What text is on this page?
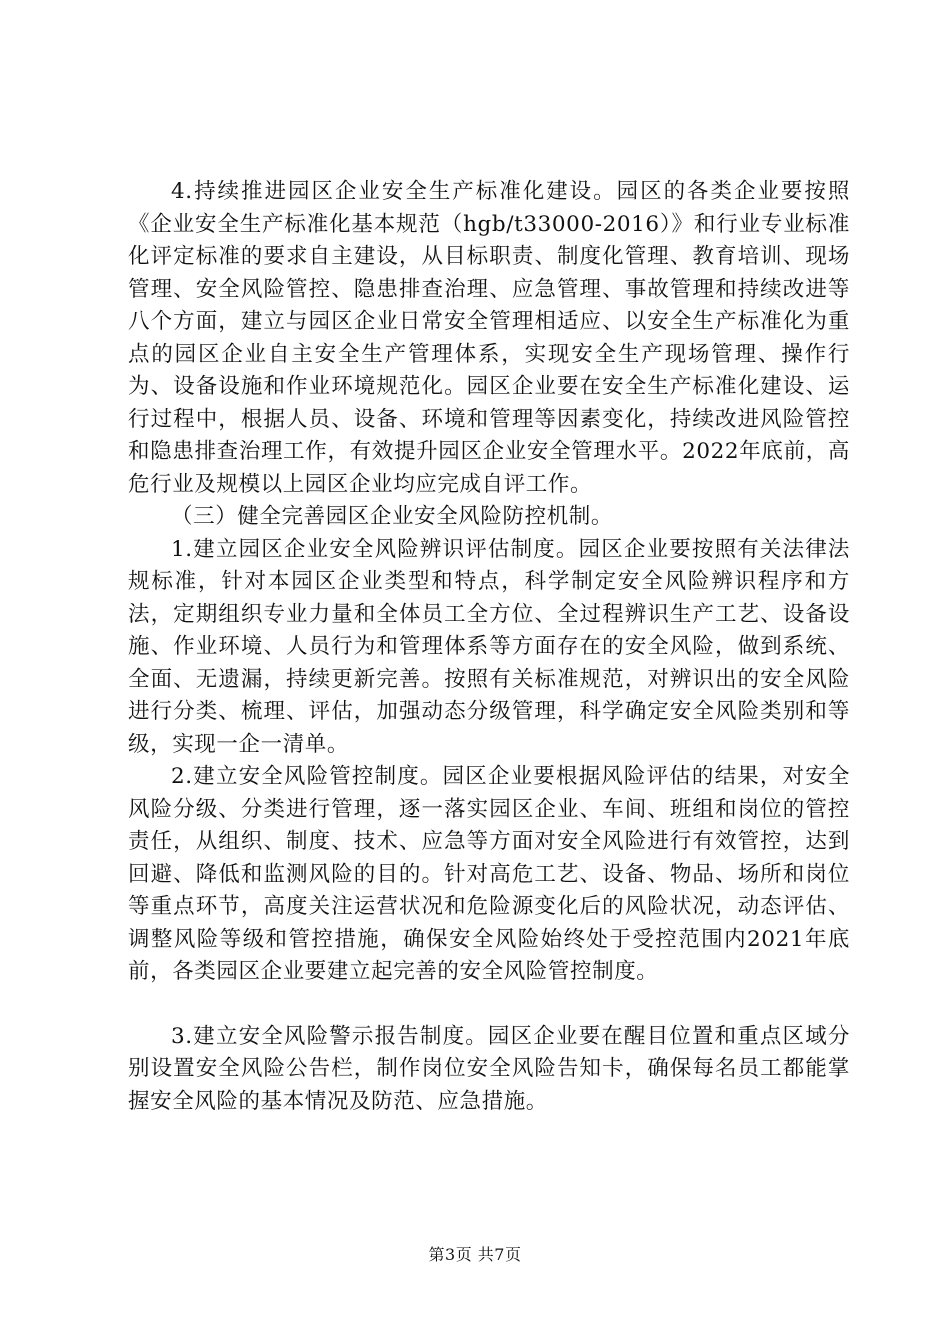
4.持续推进园区企业安全生产标准化建设。园区的各类企业要按照《企业安全生产标准化基本规范（hgb/t33000-2016）》和行业专业标准化评定标准的要求自主建设，从目标职责、制度化管理、教育培训、现场管理、安全风险管控、隐患排查治理、应急管理、事故管理和持续改进等八个方面，建立与园区企业日常安全管理相适应、以安全生产标准化为重点的园区企业自主安全生产管理体系，实现安全生产现场管理、操作行为、设备设施和作业环境规范化。园区企业要在安全生产标准化建设、运行过程中，根据人员、设备、环境和管理等因素变化，持续改进风险管控和隐患排查治理工作，有效提升园区企业安全管理水平。2022年底前，高危行业及规模以上园区企业均应完成自评工作。

（三）健全完善园区企业安全风险防控机制。

1.建立园区企业安全风险辨识评估制度。园区企业要按照有关法律法规标准，针对本园区企业类型和特点，科学制定安全风险辨识程序和方法，定期组织专业力量和全体员工全方位、全过程辨识生产工艺、设备设施、作业环境、人员行为和管理体系等方面存在的安全风险，做到系统、全面、无遗漏，持续更新完善。按照有关标准规范，对辨识出的安全风险进行分类、梳理、评估，加强动态分级管理，科学确定安全风险类别和等级，实现一企一清单。

2.建立安全风险管控制度。园区企业要根据风险评估的结果，对安全风险分级、分类进行管理，逐一落实园区企业、车间、班组和岗位的管控责任，从组织、制度、技术、应急等方面对安全风险进行有效管控，达到回避、降低和监测风险的目的。针对高危工艺、设备、物品、场所和岗位等重点环节，高度关注运营状况和危险源变化后的风险状况，动态评估、调整风险等级和管控措施，确保安全风险始终处于受控范围内2021年底前，各类园区企业要建立起完善的安全风险管控制度。

3.建立安全风险警示报告制度。园区企业要在醒目位置和重点区域分别设置安全风险公告栏，制作岗位安全风险告知卡，确保每名员工都能掌握安全风险的基本情况及防范、应急措施。

第3页 共7页
